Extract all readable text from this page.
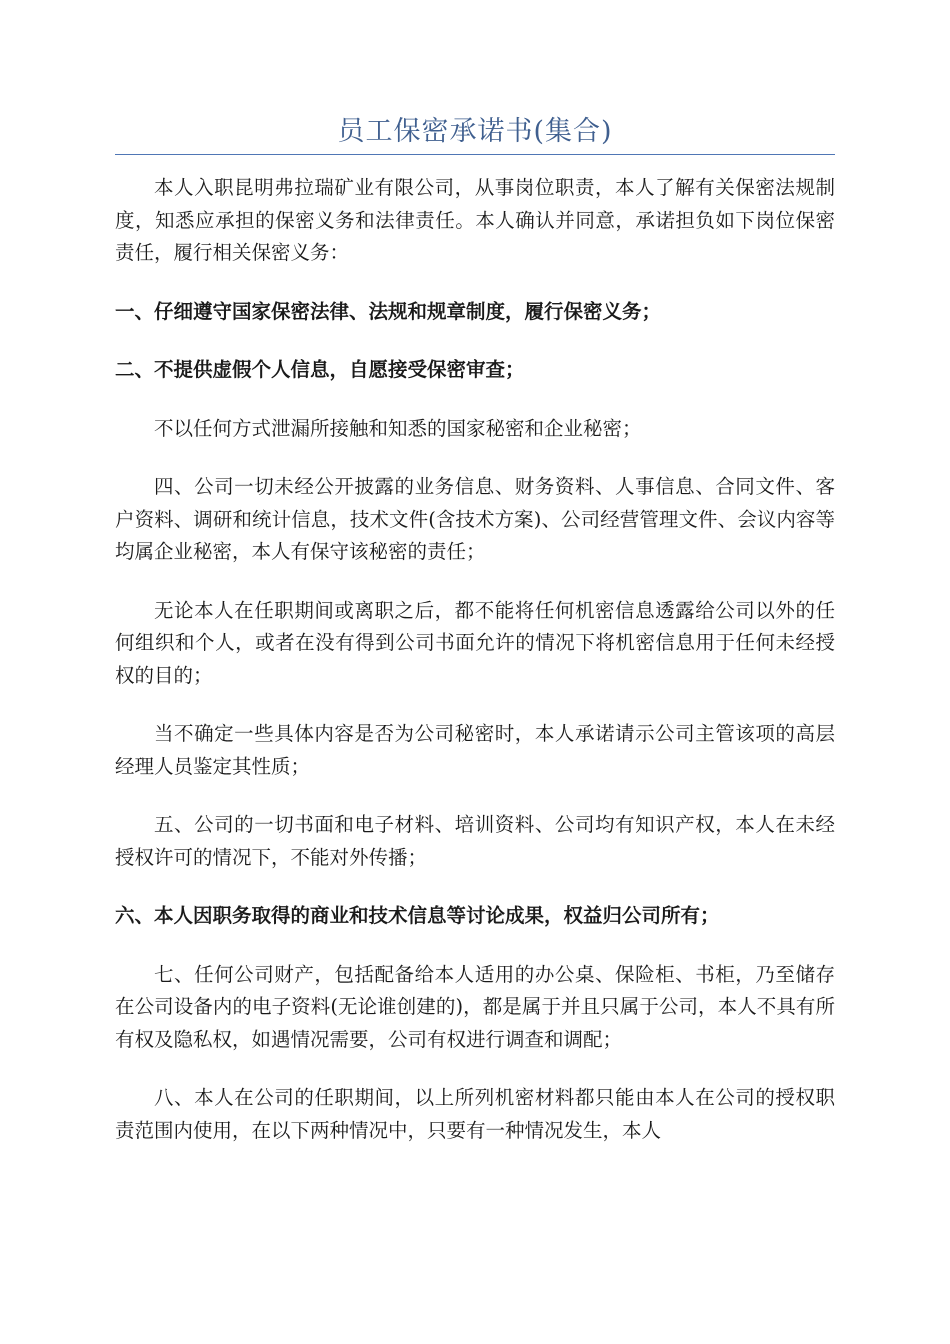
员工保密承诺书(集合)

本人入职昆明弗拉瑞矿业有限公司，从事岗位职责，本人了解有关保密法规制度，知悉应承担的保密义务和法律责任。本人确认并同意，承诺担负如下岗位保密责任，履行相关保密义务：

一、仔细遵守国家保密法律、法规和规章制度，履行保密义务；

二、不提供虚假个人信息，自愿接受保密审查；

不以任何方式泄漏所接触和知悉的国家秘密和企业秘密；

四、公司一切未经公开披露的业务信息、财务资料、人事信息、合同文件、客户资料、调研和统计信息，技术文件(含技术方案)、公司经营管理文件、会议内容等均属企业秘密，本人有保守该秘密的责任；

无论本人在任职期间或离职之后，都不能将任何机密信息透露给公司以外的任何组织和个人，或者在没有得到公司书面允许的情况下将机密信息用于任何未经授权的目的；

当不确定一些具体内容是否为公司秘密时，本人承诺请示公司主管该项的高层经理人员鉴定其性质；

五、公司的一切书面和电子材料、培训资料、公司均有知识产权，本人在未经授权许可的情况下，不能对外传播；

六、本人因职务取得的商业和技术信息等讨论成果，权益归公司所有；

七、任何公司财产，包括配备给本人适用的办公桌、保险柜、书柜，乃至储存在公司设备内的电子资料(无论谁创建的)，都是属于并且只属于公司，本人不具有所有权及隐私权，如遇情况需要，公司有权进行调查和调配；

八、本人在公司的任职期间，以上所列机密材料都只能由本人在公司的授权职责范围内使用，在以下两种情况中，只要有一种情况发生，本人
